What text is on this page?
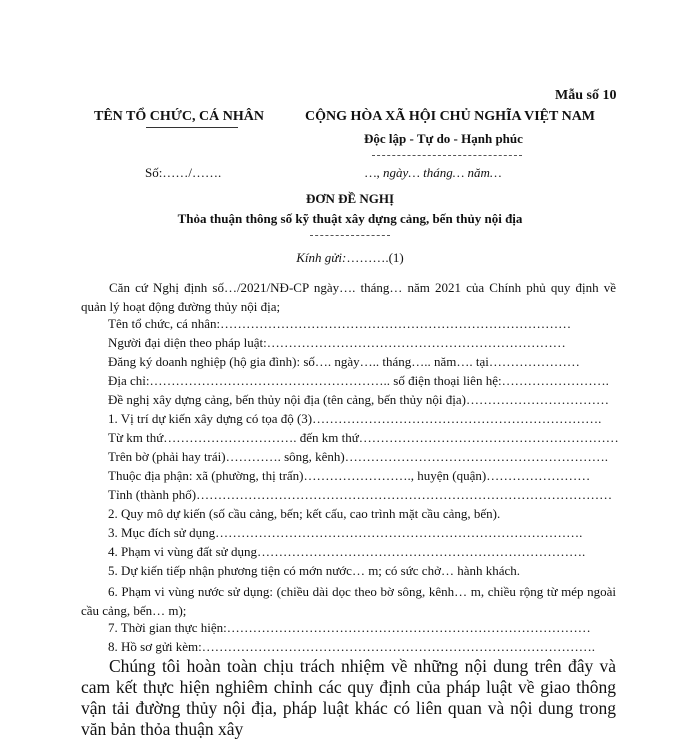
Mẫu số 10
TÊN TỔ CHỨC, CÁ NHÂN	CỘNG HÒA XÃ HỘI CHỦ NGHĨA VIỆT NAM
Độc lập - Tự do - Hạnh phúc
Số:……/…….	…, ngày… tháng… năm…
ĐƠN ĐỀ NGHỊ
Thỏa thuận thông số kỹ thuật xây dựng cảng, bến thủy nội địa
Kính gửi:……….(1)
Căn cứ Nghị định số…/2021/NĐ-CP ngày…. tháng… năm 2021 của Chính phủ quy định về quản lý hoạt động đường thủy nội địa;
Tên tổ chức, cá nhân:………………………………………………………………………
Người đại diện theo pháp luật:……………………………………………………………
Đăng ký doanh nghiệp (hộ gia đình): số…. ngày….. tháng….. năm…. tại…………………
Địa chỉ:……………………………………………….. số điện thoại liên hệ:…………………….
Đề nghị xây dựng cảng, bến thủy nội địa (tên cảng, bến thủy nội địa)……………………………
1. Vị trí dự kiến xây dựng có tọa độ (3)………………………………………………………….
Từ km thứ…………………………. đến km thứ……………………………………………………
Trên bờ (phải hay trái)…………. sông, kênh)…………………………………………………….
Thuộc địa phận: xã (phường, thị trấn)……………………., huyện (quận)……………………
Tỉnh (thành phố)……………………………………………………………………………………
2. Quy mô dự kiến (số cầu cảng, bến; kết cấu, cao trình mặt cầu cảng, bến).
3. Mục đích sử dụng………………………………………………………………………….
4. Phạm vi vùng đất sử dụng………………………………………………………………….
5. Dự kiến tiếp nhận phương tiện có mớn nước… m; có sức chở… hành khách.
6. Phạm vi vùng nước sử dụng: (chiều dài dọc theo bờ sông, kênh… m, chiều rộng từ mép ngoài cầu cảng, bến… m);
7. Thời gian thực hiện:…………………………………………………………………………
8. Hồ sơ gửi kèm:……………………………………………………………………………….
Chúng tôi hoàn toàn chịu trách nhiệm về những nội dung trên đây và cam kết thực hiện nghiêm chỉnh các quy định của pháp luật về giao thông vận tải đường thủy nội địa, pháp luật khác có liên quan và nội dung trong văn bản thỏa thuận xây
